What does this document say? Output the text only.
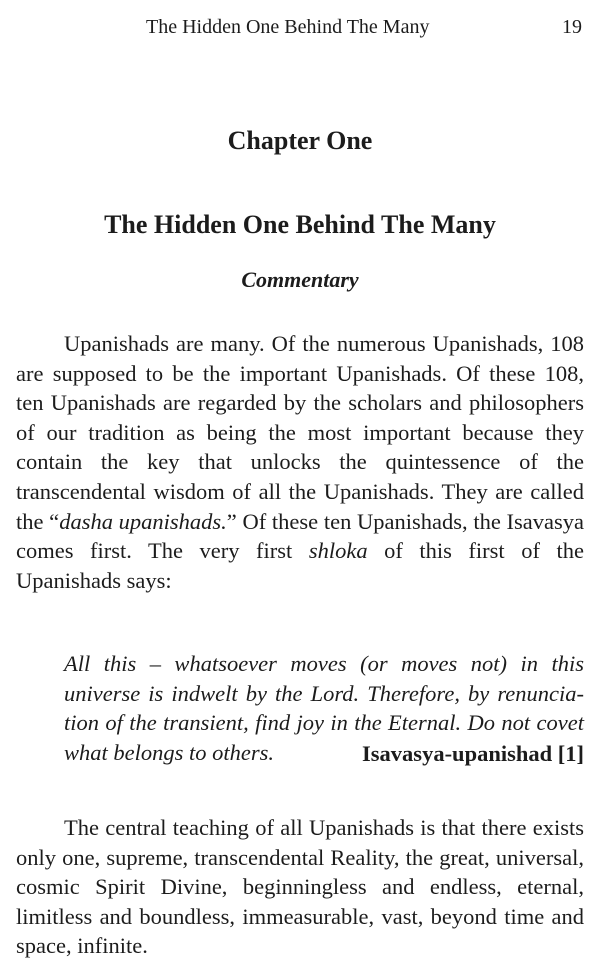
The Hidden One Behind The Many	19
Chapter One
The Hidden One Behind The Many
Commentary

Upanishads are many. Of the numerous Upanishads, 108 are supposed to be the important Upanishads. Of these 108, ten Upanishads are regarded by the scholars and philosophers of our tradition as being the most important because they contain the key that unlocks the quintessence of the transcendental wisdom of all the Upanishads. They are called the “dasha upanishads.” Of these ten Upanishads, the Isavasya comes first. The very first shloka of this first of the Upanishads says:

All this – whatsoever moves (or moves not) in this universe is indwelt by the Lord. Therefore, by renunciation of the transient, find joy in the Eternal. Do not covet what belongs to others.	Isavasya-upanishad [1]

The central teaching of all Upanishads is that there exists only one, supreme, transcendental Reality, the great, universal, cosmic Spirit Divine, beginningless and endless, eternal, limitless and boundless, immeasurable, vast, beyond time and space, infinite.
